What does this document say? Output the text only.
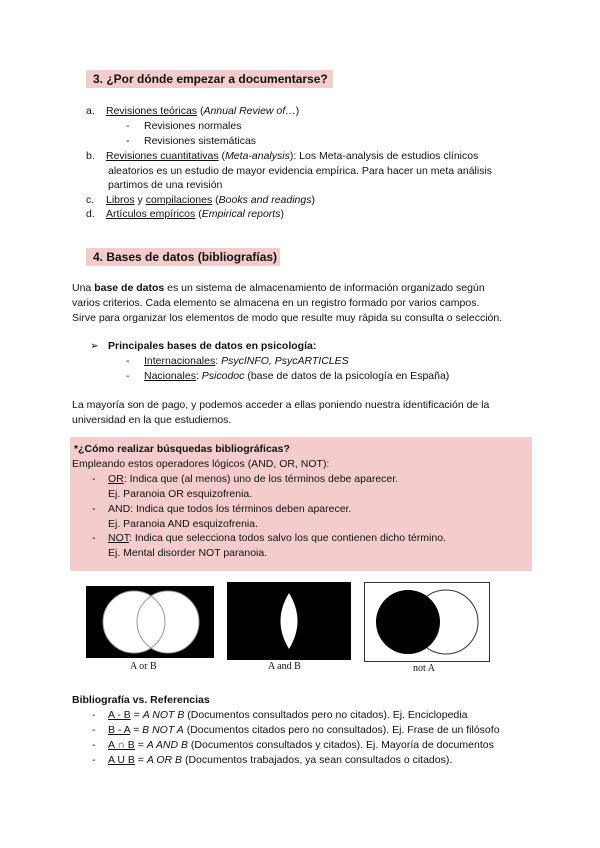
3. ¿Por dónde empezar a documentarse?
a. Revisiones teóricas (Annual Review of…)
- Revisiones normales
- Revisiones sistemáticas
b. Revisiones cuantitativas (Meta-analysis): Los Meta-analysis de estudios clínicos
aleatorios es un estudio de mayor evidencia empírica. Para hacer un meta análisis
partimos de una revisión
c. Libros y compilaciones (Books and readings)
d. Artículos empíricos (Empirical reports)
4. Bases de datos (bibliografías)
Una base de datos es un sistema de almacenamiento de información organizado según
varios criterios. Cada elemento se almacena en un registro formado por varios campos.
Sirve para organizar los elementos de modo que resulte muy rápida su consulta o selección.
➢ Principales bases de datos en psicología:
- Internacionales: PsycINFO, PsycARTICLES
- Nacionales: Psicodoc (base de datos de la psicología en España)
La mayoría son de pago, y podemos acceder a ellas poniendo nuestra identificación de la
universidad en la que estudiemos.
*¿Cómo realizar búsquedas bibliográficas?
Empleando estos operadores lógicos (AND, OR, NOT):
- OR: Indica que (al menos) uno de los términos debe aparecer.
Ej. Paranoia OR esquizofrenia.
- AND: Indica que todos los términos deben aparecer.
Ej. Paranoia AND esquizofrenia.
- NOT: Indica que selecciona todos salvo los que contienen dicho término.
Ej. Mental disorder NOT paranoia.
A or B	A and B	not A
Bibliografía vs. Referencias
- A - B = A NOT B (Documentos consultados pero no citados). Ej. Enciclopedia
- B - A = B NOT A (Documentos citados pero no consultados). Ej. Frase de un filósofo
- A ∩ B = A AND B (Documentos consultados y citados). Ej. Mayoría de documentos
- A U B = A OR B (Documentos trabajados, ya sean consultados o citados).
